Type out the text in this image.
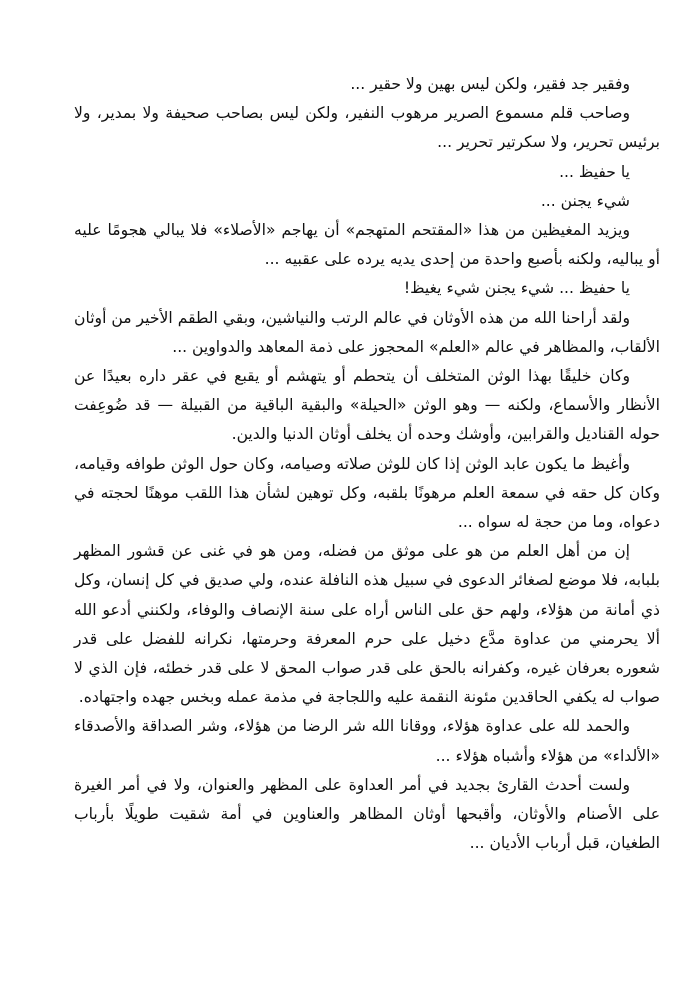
وفقير جد فقير، ولكن ليس بهين ولا حقير ...

وصاحب قلم مسموع الصرير مرهوب النفير، ولكن ليس بصاحب صحيفة ولا بمدير، ولا برئيس تحرير، ولا سكرتير تحرير ...

يا حفيظ ...

شيء يجنن ...

ويزيد المغيظين من هذا «المقتحم المتهجم» أن يهاجم «الأصلاء» فلا يبالي هجومًا عليه أو يباليه، ولكنه بأصبع واحدة من إحدى يديه يرده على عقبيه ...

يا حفيظ ... شيء يجنن شيء يغيظ!

ولقد أراحنا الله من هذه الأوثان في عالم الرتب والنياشين، وبقي الطقم الأخير من أوثان الألقاب، والمظاهر في عالم «العلم» المحجوز على ذمة المعاهد والدواوين ...

وكان خليقًا بهذا الوثن المتخلف أن يتحطم أو يتهشم أو يقبع في عقر داره بعيدًا عن الأنظار والأسماع، ولكنه — وهو الوثن «الحيلة» والبقية الباقية من القبيلة — قد ضُوعِفت حوله القناديل والقرابين، وأوشك وحده أن يخلف أوثان الدنيا والدين.

وأغيظ ما يكون عابد الوثن إذا كان للوثن صلاته وصيامه، وكان حول الوثن طوافه وقيامه، وكان كل حقه في سمعة العلم مرهونًا بلقبه، وكل توهين لشأن هذا اللقب موهنًا لحجته في دعواه، وما من حجة له سواه ...

إن من أهل العلم من هو على موثق من فضله، ومن هو في غنى عن قشور المظهر بلبابه، فلا موضع لصغائر الدعوى في سبيل هذه النافلة عنده، ولي صديق في كل إنسان، وكل ذي أمانة من هؤلاء، ولهم حق على الناس أراه على سنة الإنصاف والوفاء، ولكنني أدعو الله ألا يحرمني من عداوة مدَّع دخيل على حرم المعرفة وحرمتها، نكرانه للفضل على قدر شعوره بعرفان غيره، وكفرانه بالحق على قدر صواب المحق لا على قدر خطئه، فإن الذي لا صواب له يكفي الحاقدين مئونة النقمة عليه واللجاجة في مذمة عمله وبخس جهده واجتهاده.

والحمد لله على عداوة هؤلاء، ووقانا الله شر الرضا من هؤلاء، وشر الصداقة والأصدقاء «الألداء» من هؤلاء وأشباه هؤلاء ...

ولست أحدث القارئ بجديد في أمر العداوة على المظهر والعنوان، ولا في أمر الغيرة على الأصنام والأوثان، وأقبحها أوثان المظاهر والعناوين في أمة شقيت طويلًا بأرباب الطغيان، قبل أرباب الأديان ...
